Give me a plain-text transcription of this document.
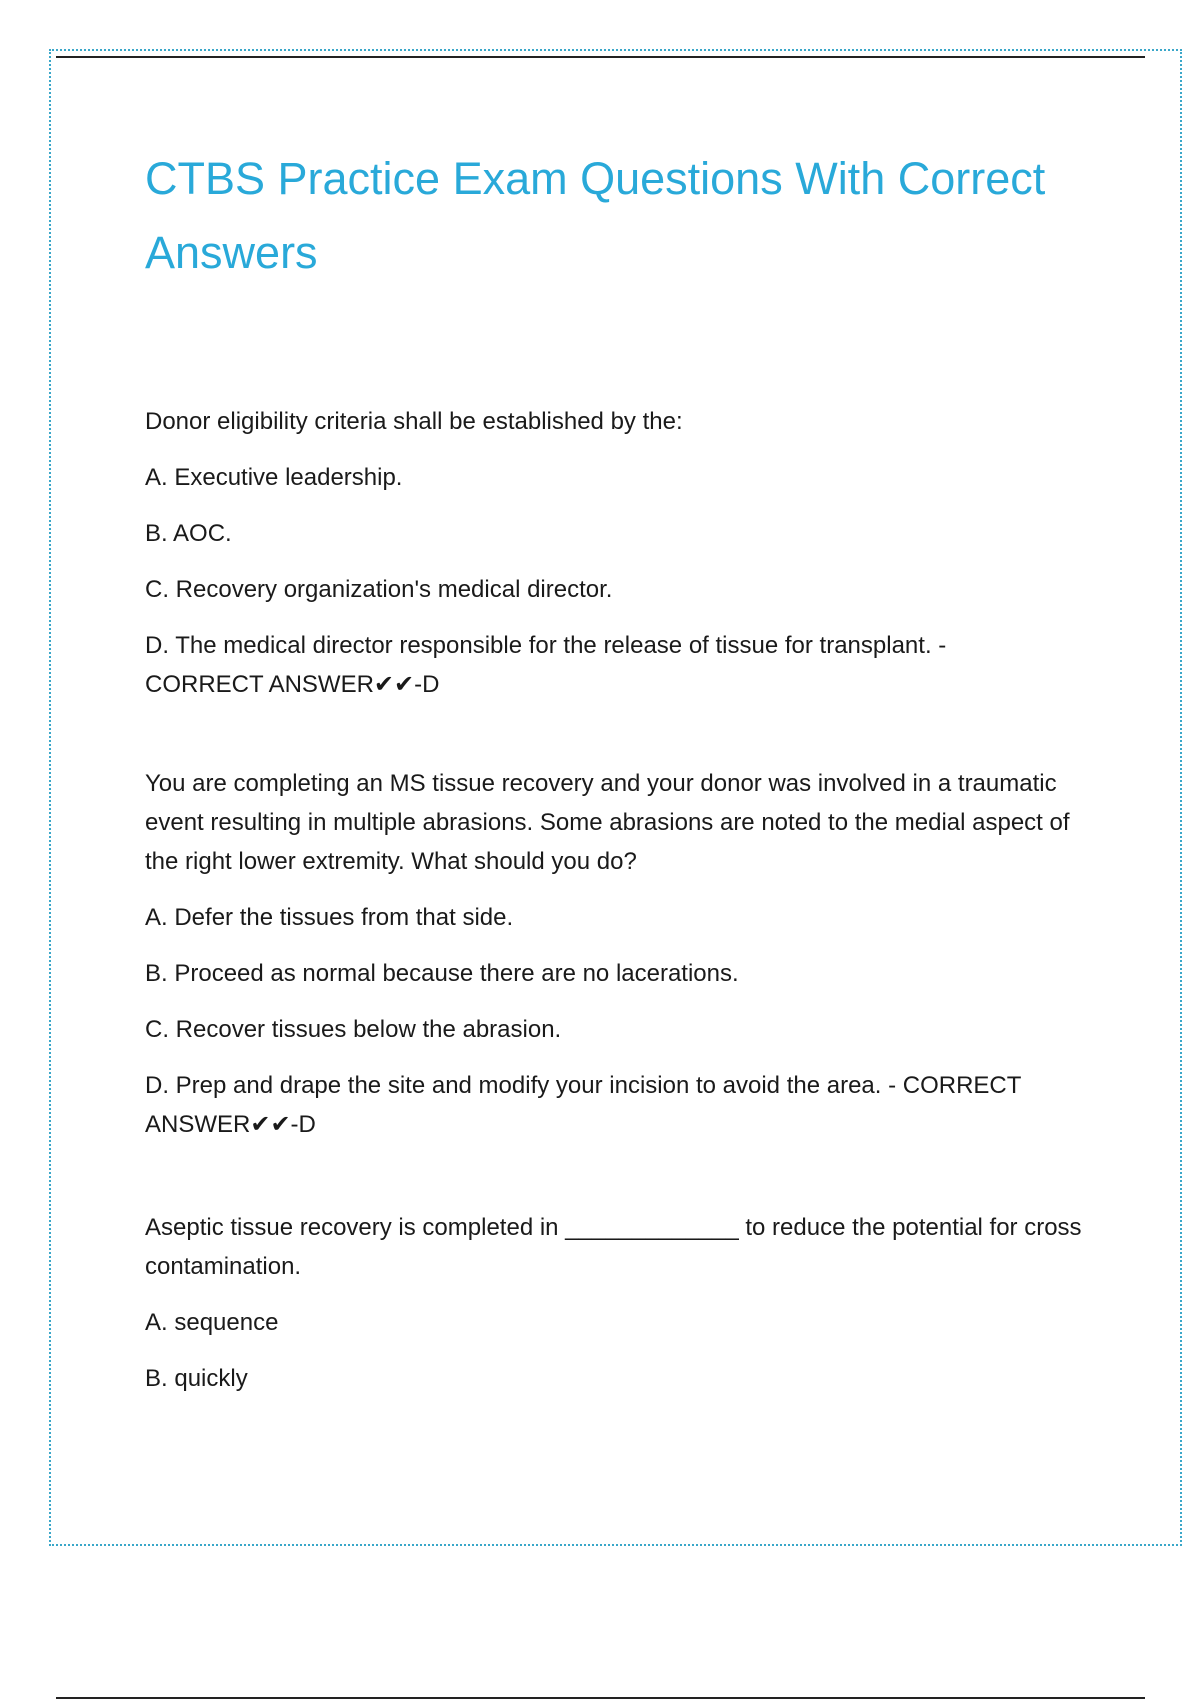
CTBS Practice Exam Questions With Correct Answers

Donor eligibility criteria shall be established by the:

A. Executive leadership.

B. AOC.

C. Recovery organization's medical director.

D. The medical director responsible for the release of tissue for transplant. -
CORRECT ANSWER✔✔-D

You are completing an MS tissue recovery and your donor was involved in a traumatic event resulting in multiple abrasions. Some abrasions are noted to the medial aspect of the right lower extremity. What should you do?

A. Defer the tissues from that side.

B. Proceed as normal because there are no lacerations.

C. Recover tissues below the abrasion.

D. Prep and drape the site and modify your incision to avoid the area. - CORRECT
ANSWER✔✔-D

Aseptic tissue recovery is completed in _____________ to reduce the potential for cross contamination.

A. sequence

B. quickly
